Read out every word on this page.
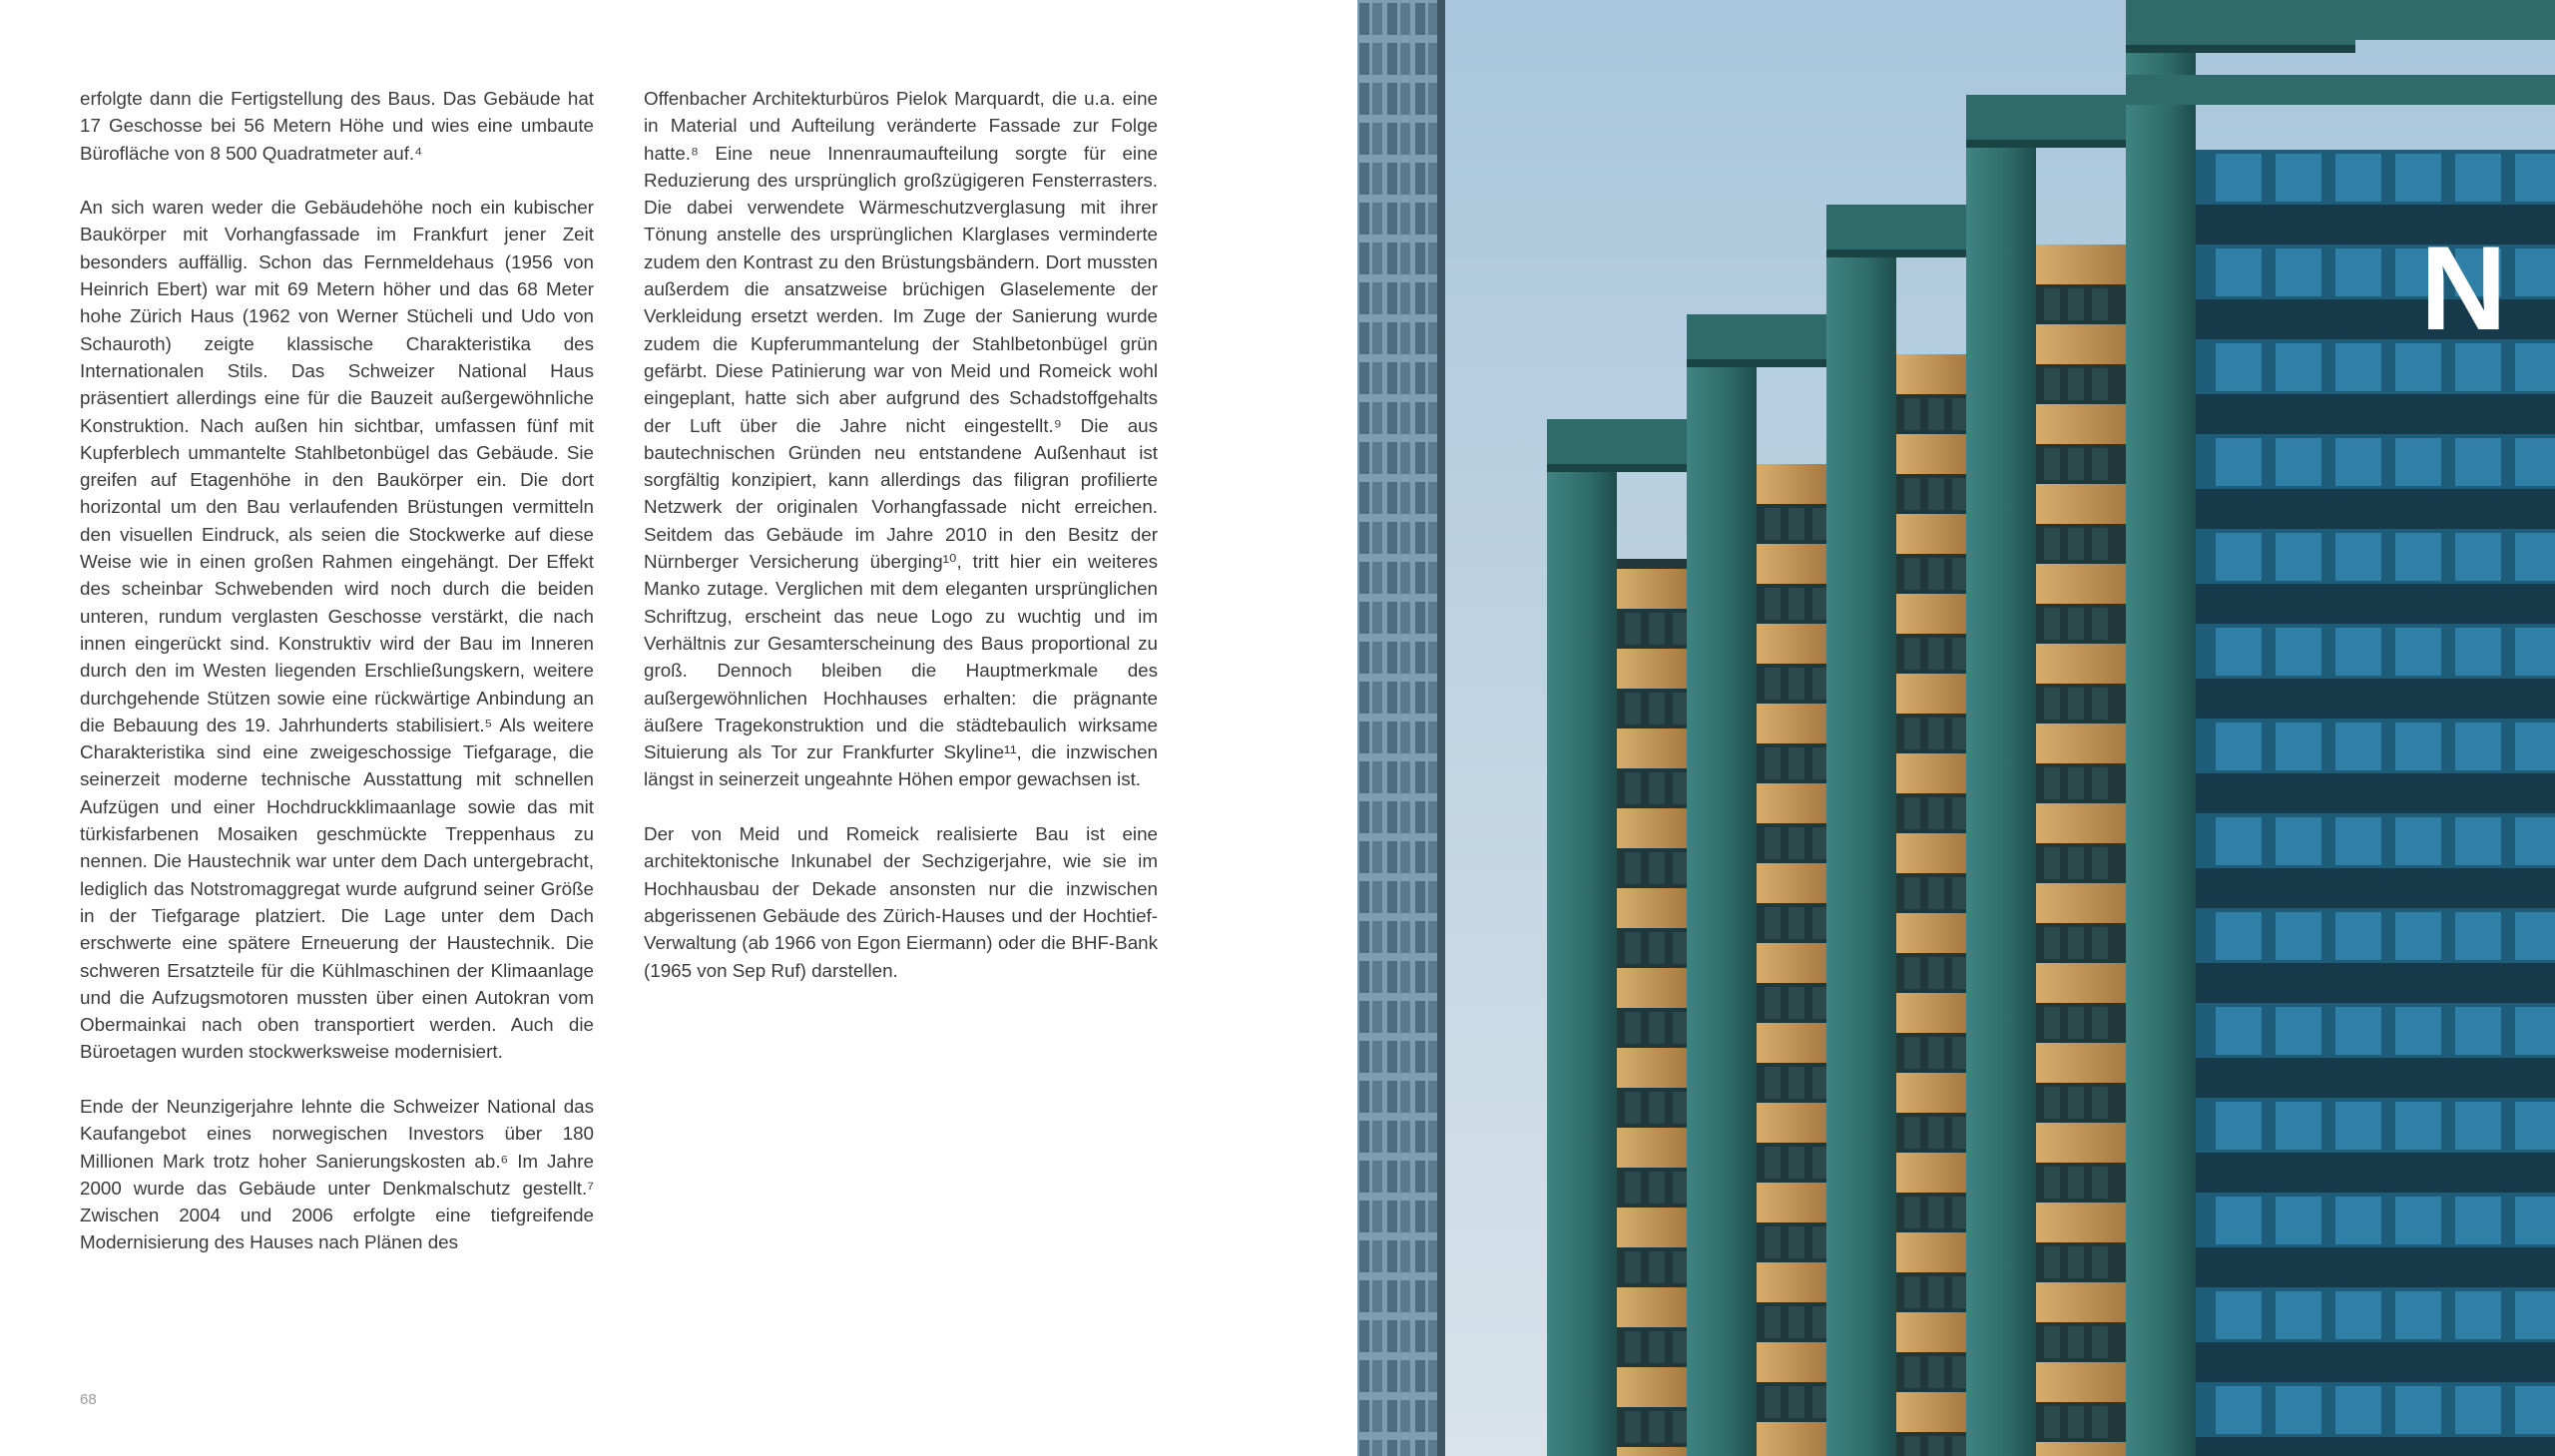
erfolgte dann die Fertigstellung des Baus. Das Gebäude hat 17 Geschosse bei 56 Metern Höhe und wies eine umbaute Bürofläche von 8 500 Quadratmeter auf.⁴

An sich waren weder die Gebäudehöhe noch ein kubischer Baukörper mit Vorhangfassade im Frankfurt jener Zeit besonders auffällig. Schon das Fernmeldehaus (1956 von Heinrich Ebert) war mit 69 Metern höher und das 68 Meter hohe Zürich Haus (1962 von Werner Stücheli und Udo von Schauroth) zeigte klassische Charakteristika des Internationalen Stils. Das Schweizer National Haus präsentiert allerdings eine für die Bauzeit außergewöhnliche Konstruktion. Nach außen hin sichtbar, umfassen fünf mit Kupferblech ummantelte Stahlbetonbügel das Gebäude. Sie greifen auf Etagenhöhe in den Baukörper ein. Die dort horizontal um den Bau verlaufenden Brüstungen vermitteln den visuellen Eindruck, als seien die Stockwerke auf diese Weise wie in einen großen Rahmen eingehängt. Der Effekt des scheinbar Schwebenden wird noch durch die beiden unteren, rundum verglasten Geschosse verstärkt, die nach innen eingerückt sind. Konstruktiv wird der Bau im Inneren durch den im Westen liegenden Erschließungskern, weitere durchgehende Stützen sowie eine rückwärtige Anbindung an die Bebauung des 19. Jahrhunderts stabilisiert.⁵ Als weitere Charakteristika sind eine zweigeschossige Tiefgarage, die seinerzeit moderne technische Ausstattung mit schnellen Aufzügen und einer Hochdruckklimaanlage sowie das mit türkisfarbenen Mosaiken geschmückte Treppenhaus zu nennen. Die Haustechnik war unter dem Dach untergebracht, lediglich das Notstromaggregat wurde aufgrund seiner Größe in der Tiefgarage platziert. Die Lage unter dem Dach erschwerte eine spätere Erneuerung der Haustechnik. Die schweren Ersatzteile für die Kühlmaschinen der Klimaanlage und die Aufzugsmotoren mussten über einen Autokran vom Obermainkai nach oben transportiert werden. Auch die Büroetagen wurden stockwerksweise modernisiert.

Ende der Neunzigerjahre lehnte die Schweizer National das Kaufangebot eines norwegischen Investors über 180 Millionen Mark trotz hoher Sanierungskosten ab.⁶ Im Jahre 2000 wurde das Gebäude unter Denkmalschutz gestellt.⁷ Zwischen 2004 und 2006 erfolgte eine tiefgreifende Modernisierung des Hauses nach Plänen des

Offenbacher Architekturbüros Pielok Marquardt, die u.a. eine in Material und Aufteilung veränderte Fassade zur Folge hatte.⁸ Eine neue Innenraumaufteilung sorgte für eine Reduzierung des ursprünglich großzügigeren Fensterrasters. Die dabei verwendete Wärmeschutzverglasung mit ihrer Tönung anstelle des ursprünglichen Klarglases verminderte zudem den Kontrast zu den Brüstungsbändern. Dort mussten außerdem die ansatzweise brüchigen Glaselemente der Verkleidung ersetzt werden. Im Zuge der Sanierung wurde zudem die Kupferummantelung der Stahlbetonbügel grün gefärbt. Diese Patinierung war von Meid und Romeick wohl eingeplant, hatte sich aber aufgrund des Schadstoffgehalts der Luft über die Jahre nicht eingestellt.⁹ Die aus bautechnischen Gründen neu entstandene Außenhaut ist sorgfältig konzipiert, kann allerdings das filigran profilierte Netzwerk der originalen Vorhangfassade nicht erreichen. Seitdem das Gebäude im Jahre 2010 in den Besitz der Nürnberger Versicherung überging¹⁰, tritt hier ein weiteres Manko zutage. Verglichen mit dem eleganten ursprünglichen Schriftzug, erscheint das neue Logo zu wuchtig und im Verhältnis zur Gesamterscheinung des Baus proportional zu groß. Dennoch bleiben die Hauptmerkmale des außergewöhnlichen Hochhauses erhalten: die prägnante äußere Tragekonstruktion und die städtebaulich wirksame Situierung als Tor zur Frankfurter Skyline¹¹, die inzwischen längst in seinerzeit ungeahnte Höhen empor gewachsen ist.

Der von Meid und Romeick realisierte Bau ist eine architektonische Inkunabel der Sechzigerjahre, wie sie im Hochhausbau der Dekade ansonsten nur die inzwischen abgerissenen Gebäude des Zürich-Hauses und der Hochtief-Verwaltung (ab 1966 von Egon Eiermann) oder die BHF-Bank (1965 von Sep Ruf) darstellen.

68
N
